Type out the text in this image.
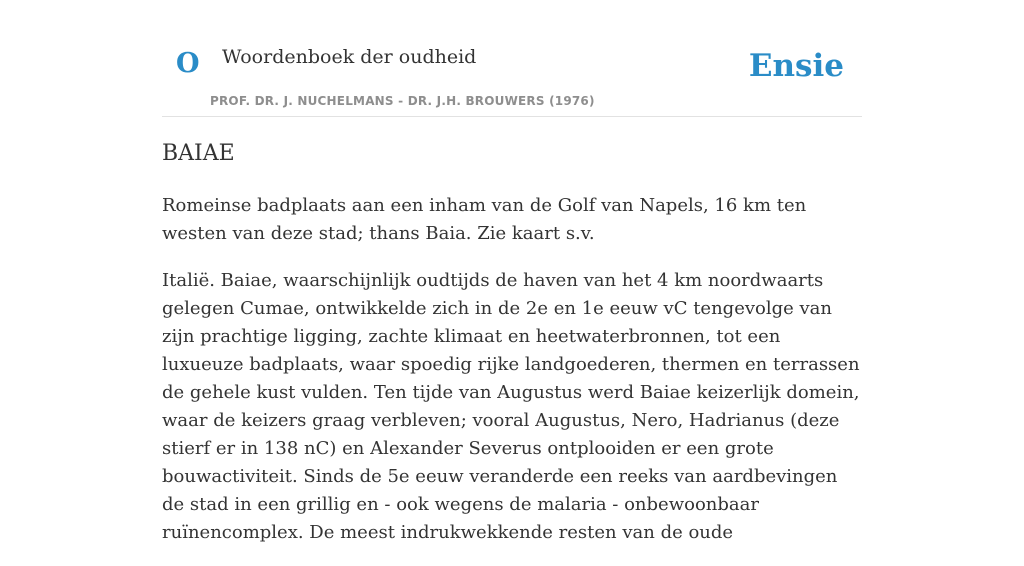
O Woordenboek der oudheid
PROF. DR. J. NUCHELMANS - DR. J.H. BROUWERS (1976)
Ensie
BAIAE

Romeinse badplaats aan een inham van de Golf van Napels, 16 km ten westen van deze stad; thans Baia. Zie kaart s.v.

Italië. Baiae, waarschijnlijk oudtijds de haven van het 4 km noordwaarts gelegen Cumae, ontwikkelde zich in de 2e en 1e eeuw vC tengevolge van zijn prachtige ligging, zachte klimaat en heetwaterbronnen, tot een luxueuze badplaats, waar spoedig rijke landgoederen, thermen en terrassen de gehele kust vulden. Ten tijde van Augustus werd Baiae keizerlijk domein, waar de keizers graag verbleven; vooral Augustus, Nero, Hadrianus (deze stierf er in 138 nC) en Alexander Severus ontplooiden er een grote bouwactiviteit. Sinds de 5e eeuw veranderde een reeks van aardbevingen de stad in een grillig en - ook wegens de malaria - onbewoonbaar ruïnencomplex. De meest indrukwekkende resten van de oude
